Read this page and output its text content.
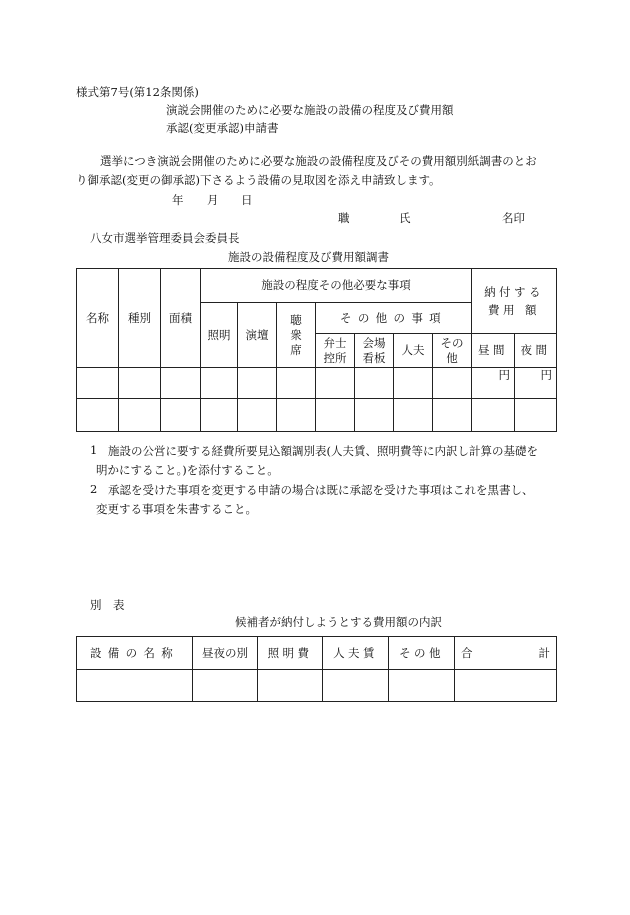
様式第7号(第12条関係)
演説会開催のために必要な施設の設備の程度及び費用額
承認(変更承認)申請書
選挙につき演説会開催のために必要な施設の設備程度及びその費用額別紙調書のとお
り御承認(変更の御承認)下さるよう設備の見取図を添え申請致します。
年 月 日
職	氏	名印
八女市選挙管理委員会委員長
施設の設備程度及び費用額調書
名称	種別	面積	施設の程度その他必要な事項							納付する費用 額	
			照明	演壇	聴衆席	その他の事項					
						弁士控所	会場看板	人夫	その他	昼間	夜間
										円	円

1 施設の公営に要する経費所要見込額調別表(人夫賃、照明費等に内訳し計算の基礎を
明かにすること。)を添付すること。
2 承認を受けた事項を変更する申請の場合は既に承認を受けた事項はこれを黒書し、
変更する事項を朱書すること。
別　表
候補者が納付しようとする費用額の内訳
設備の名称	昼夜の別	照明費	人夫賃	その他	合 計
